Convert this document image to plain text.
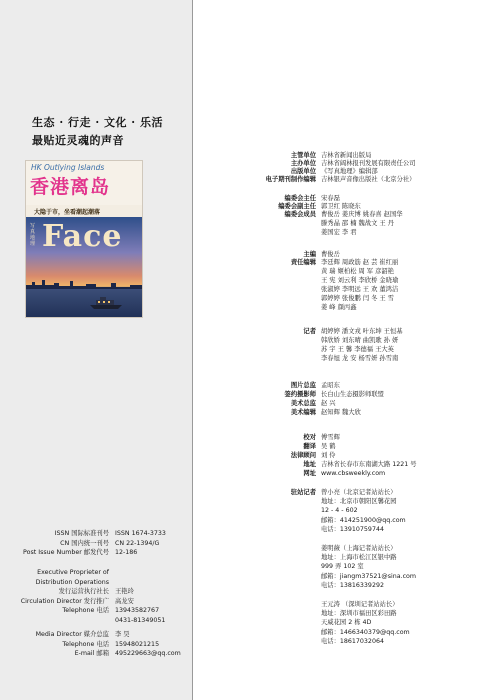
生态 · 行走 · 文化 · 乐活
最贴近灵魂的声音
HK Outlying Islands
香港离岛
大隐于市，坐看潮起潮落
写真地理 Face
主管单位 吉林省新闻出版局
主办单位 吉林省阔林报刊发展有限责任公司
出版单位 《写真地理》编辑部
电子期刊制作编辑 吉林银声音像出版社（北京分社）
编委会主任 宋春磊
编委会副主任 郭卫红 陈晓东
编委会成员 曹俊岳 姜庆博 姚春喜 赵国华
滕秀晶 邵 楠 魏战文 王 丹
姜国宏 李 君
主编 曹俊岳
责任编辑 李廷辉 周政筋 赵 芸 崔红丽
黄 瑞 姬柏松 周 军 彦韶艳
王 宪 刘云利 李欣桥 金晓瑜
张淑婷 李明远 王 欢 董鸿洁
郭婷婷 张俊鹏 闫 冬 王 雪
姜 峰 颜丙鑫
记者 胡婷婷 潘文戎 叶东坤 王恒基
韩欣娇 刘东晴 曲凯歌 孙 妍
苏 宇 王 馨 李德福 王大英
李春旭 龙 安 杨雪妍 孙雪南
图片总监 孟昭东
签约摄影师 长白山生态摄影师联盟
美术总监 赵 兴
美术编辑 赵知辉 魏大欣
校对 傅雪辉
翻译 吴 鹤
法律顾问 刘 伶
地址 吉林省长春市东南湖大路 1221 号
网址 www.cbsweekly.com
驻站记者 曾小亮（北京记者站站长）
地址：北京市朝阳区馨花园
12 - 4 - 602
邮箱：414251900@qq.com
电话：13910759744
姜明薇（上海记者站站长）
地址：上海市松江区银中路
999 弄 102 室
邮箱：jiangm37521@sina.com
电话：13816339292
王元涛 （深圳记者站站长）
地址：深圳市福田区彩田路
天威花园 2 栋 4D
邮箱：1466340379@qq.com
电话：18617032064
ISSN 国际标准刊号 ISSN 1674-3733
CN 国内统一刊号 CN 22-1394/G
Post Issue Number 邮发代号 12-186
Executive Proprieter of
Distribution Operations
发行运营执行社长 王艳玲
Circulation Director 发行推广 高龙安
Telephone 电话 13943582767
0431-81349051
Media Director 媒介总监 李 昊
Telephone 电话 15948021215
E-mail 邮箱 495229663@qq.com
